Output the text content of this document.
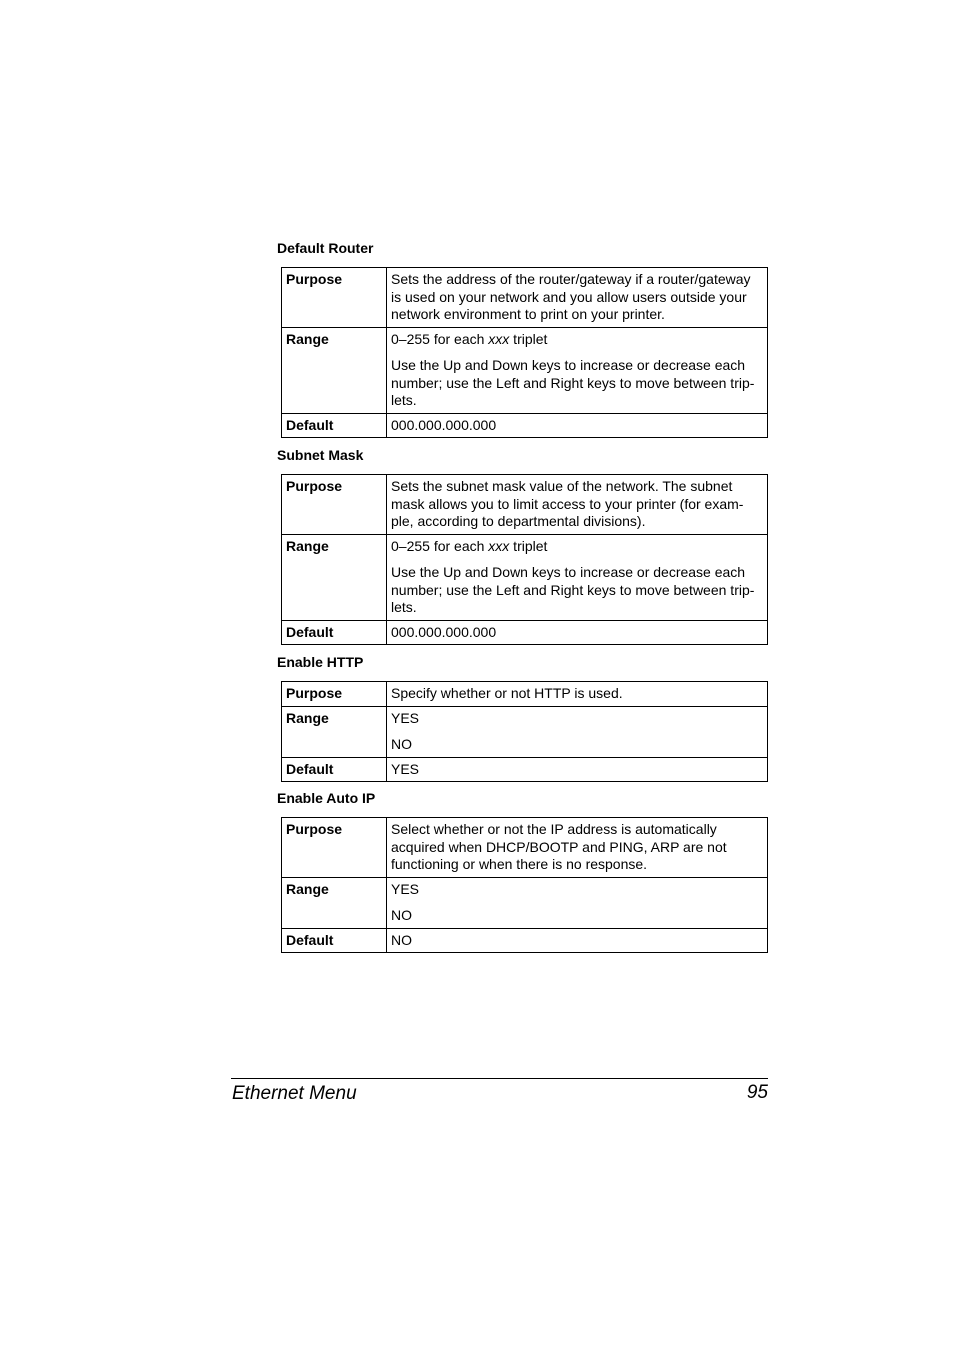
Default Router
Purpose	Sets the address of the router/gateway if a router/gateway is used on your network and you allow users outside your network environment to print on your printer.

Range	0–255 for each xxx triplet

Use the Up and Down keys to increase or decrease each number; use the Left and Right keys to move between trip-lets.

Default	000.000.000.000

Subnet Mask
Purpose	Sets the subnet mask value of the network. The subnet mask allows you to limit access to your printer (for exam-ple, according to departmental divisions).

Range	0–255 for each xxx triplet

Use the Up and Down keys to increase or decrease each number; use the Left and Right keys to move between trip-lets.

Default	000.000.000.000

Enable HTTP
Purpose	Specify whether or not HTTP is used.

Range	YES

NO

Default	YES

Enable Auto IP
Purpose	Select whether or not the IP address is automatically acquired when DHCP/BOOTP and PING, ARP are not functioning or when there is no response.

Range	YES

NO

Default	NO

Ethernet Menu	95
